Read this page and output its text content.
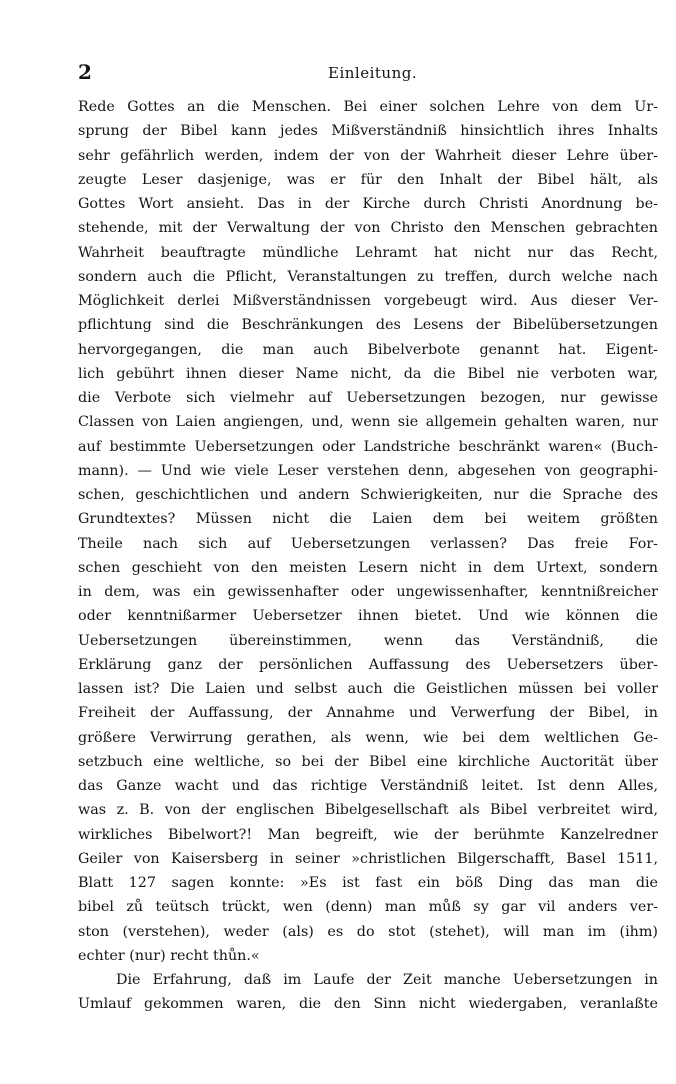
2	Einleitung.
Rede Gottes an die Menschen. Bei einer solchen Lehre von dem Ur-
sprung der Bibel kann jedes Mißverständniß hinsichtlich ihres Inhalts
sehr gefährlich werden, indem der von der Wahrheit dieser Lehre über-
zeugte Leser dasjenige, was er für den Inhalt der Bibel hält, als
Gottes Wort ansieht. Das in der Kirche durch Christi Anordnung be-
stehende, mit der Verwaltung der von Christo den Menschen gebrachten
Wahrheit beauftragte mündliche Lehramt hat nicht nur das Recht,
sondern auch die Pflicht, Veranstaltungen zu treffen, durch welche nach
Möglichkeit derlei Mißverständnissen vorgebeugt wird. Aus dieser Ver-
pflichtung sind die Beschränkungen des Lesens der Bibelübersetzungen
hervorgegangen, die man auch Bibelverbote genannt hat. Eigent-
lich gebührt ihnen dieser Name nicht, da die Bibel nie verboten war,
die Verbote sich vielmehr auf Uebersetzungen bezogen, nur gewisse
Classen von Laien angiengen, und, wenn sie allgemein gehalten waren, nur
auf bestimmte Uebersetzungen oder Landstriche beschränkt waren« (Buch-
mann). — Und wie viele Leser verstehen denn, abgesehen von geographi-
schen, geschichtlichen und andern Schwierigkeiten, nur die Sprache des
Grundtextes? Müssen nicht die Laien dem bei weitem größten
Theile nach sich auf Uebersetzungen verlassen? Das freie For-
schen geschieht von den meisten Lesern nicht in dem Urtext, sondern
in dem, was ein gewissenhafter oder ungewissenhafter, kenntnißreicher
oder kenntnißarmer Uebersetzer ihnen bietet. Und wie können die
Uebersetzungen übereinstimmen, wenn das Verständniß, die
Erklärung ganz der persönlichen Auffassung des Uebersetzers über-
lassen ist? Die Laien und selbst auch die Geistlichen müssen bei voller
Freiheit der Auffassung, der Annahme und Verwerfung der Bibel, in
größere Verwirrung gerathen, als wenn, wie bei dem weltlichen Ge-
setzbuch eine weltliche, so bei der Bibel eine kirchliche Auctorität über
das Ganze wacht und das richtige Verständniß leitet. Ist denn Alles,
was z. B. von der englischen Bibelgesellschaft als Bibel verbreitet wird,
wirkliches Bibelwort?! Man begreift, wie der berühmte Kanzelredner
Geiler von Kaisersberg in seiner »christlichen Bilgerschafft, Basel 1511,
Blatt 127 sagen konnte: »Es ist fast ein böß Ding das man die
bibel zů teütsch trückt, wen (denn) man můß sy gar vil anders ver-
ston (verstehen), weder (als) es do stot (stehet), will man im (ihm)
echter (nur) recht thůn.«
Die Erfahrung, daß im Laufe der Zeit manche Uebersetzungen in
Umlauf gekommen waren, die den Sinn nicht wiedergaben, veranlaßte
